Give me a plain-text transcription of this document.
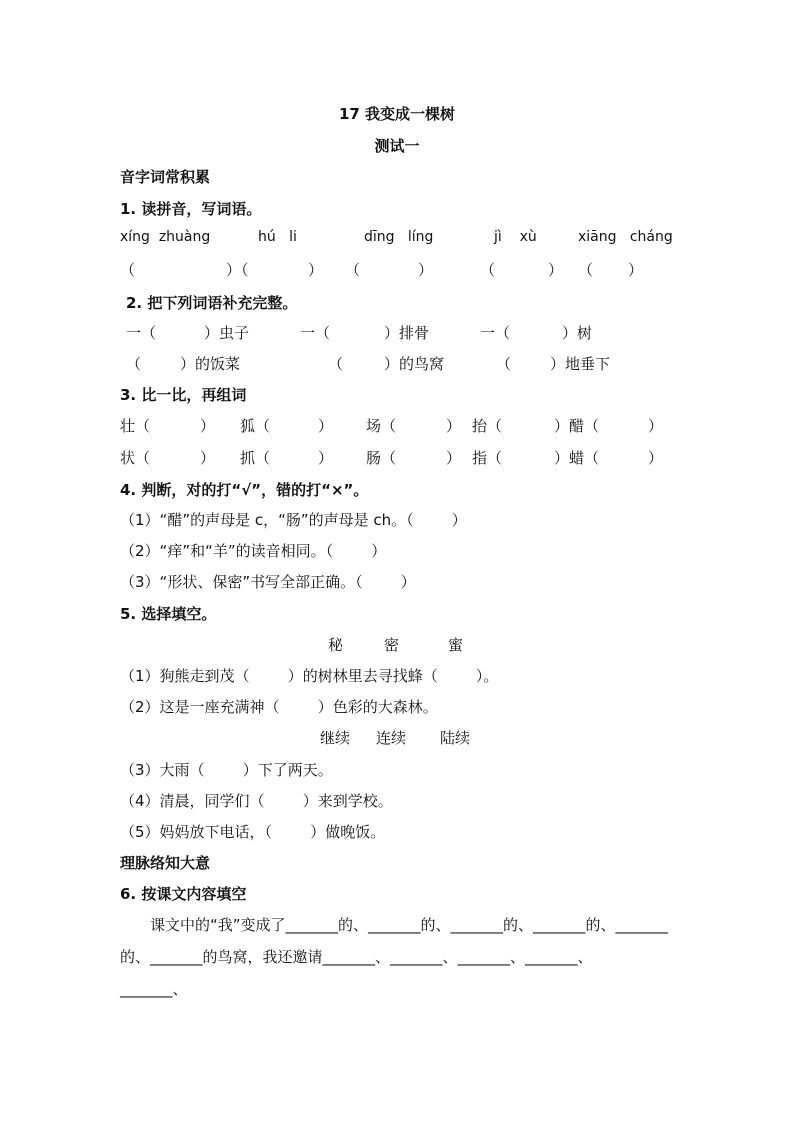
17 我变成一棵树
测试一
音字词常积累
1. 读拼音，写词语。
xíng  zhuàng	hú   li	dīng   líng	jì    xù	xiāng   cháng
（	）（	） （	）	（	） （ ）
2. 把下列词语补充完整。
一（	）虫子	一（	）排骨	一（	）树
（	）的饭菜	（	）的鸟窝	（	）地垂下
3. 比一比，再组词
壮（	） 狐（	） 场（	） 抬（	）醋（	）
状（	） 抓（	） 肠（	） 指（	）蜡（	）
4. 判断，对的打“√”，错的打“×”。
（1）“醋”的声母是 c，“肠”的声母是 ch。（        ）
（2）“痒”和“羊”的读音相同。（        ）
（3）“形状、保密”书写全部正确。（        ）
5. 选择填空。
秘	密	蜜
（1）狗熊走到茂（        ）的树林里去寻找蜂（        ）。
（2）这是一座充满神（        ）色彩的大森林。
继续 连续 陆续
（3）大雨（        ）下了两天。
（4）清晨，同学们（        ）来到学校。
（5）妈妈放下电话，（        ）做晚饭。
理脉络知大意
6. 按课文内容填空
课文中的“我”变成了_______的、_______的、_______的、_______的、_______
的、_______的鸟窝，我还邀请_______、_______、_______、_______、
_______、
